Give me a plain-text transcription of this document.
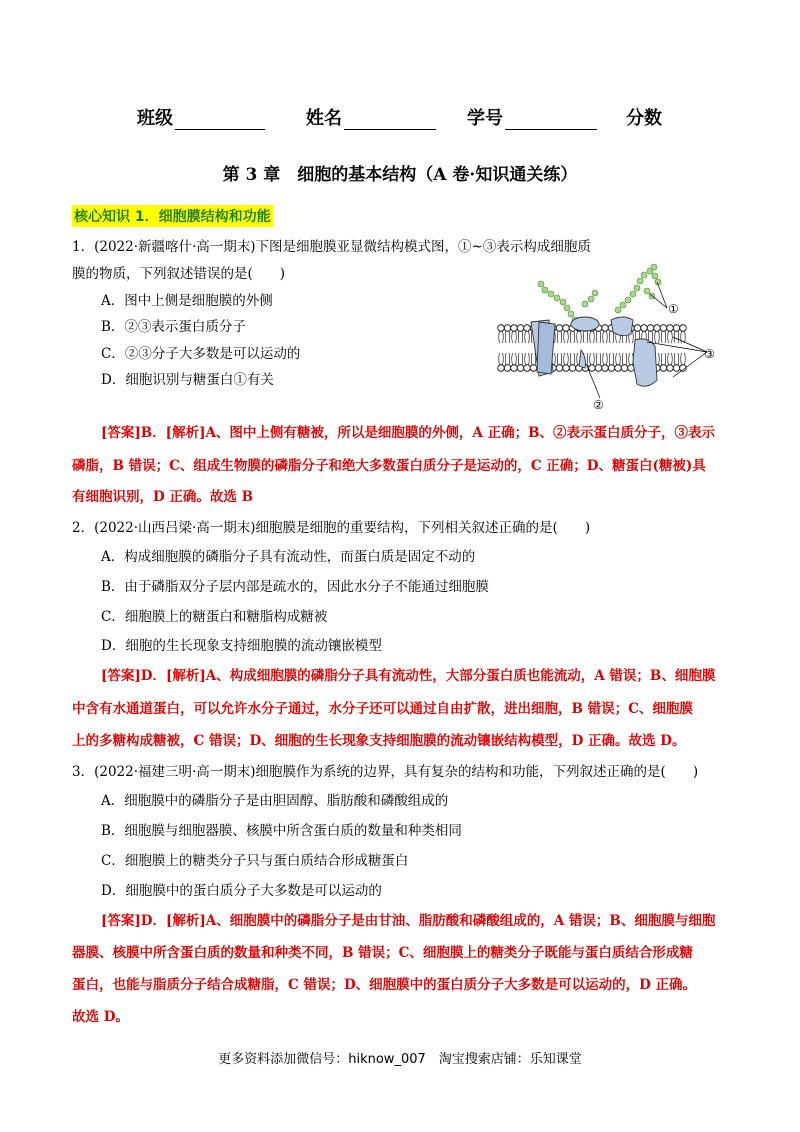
班级	姓名	学号	分数
第 3 章　细胞的基本结构（A 卷·知识通关练）
核心知识 1．细胞膜结构和功能
1．(2022·新疆喀什·高一期末)下图是细胞膜亚显微结构模式图，①~③表示构成细胞质
膜的物质，下列叙述错误的是(　　)
A．图中上侧是细胞膜的外侧
B．②③表示蛋白质分子
C．②③分子大多数是可以运动的
D．细胞识别与糖蛋白①有关
①
③
②
[答案]B．[解析]A、图中上侧有糖被，所以是细胞膜的外侧，A 正确；B、②表示蛋白质分子，③表示
磷脂，B 错误；C、组成生物膜的磷脂分子和绝大多数蛋白质分子是运动的，C 正确；D、糖蛋白(糖被)具
有细胞识别，D 正确。故选 B
2．(2022·山西吕梁·高一期末)细胞膜是细胞的重要结构，下列相关叙述正确的是(　　)
A．构成细胞膜的磷脂分子具有流动性，而蛋白质是固定不动的
B．由于磷脂双分子层内部是疏水的，因此水分子不能通过细胞膜
C．细胞膜上的糖蛋白和糖脂构成糖被
D．细胞的生长现象支持细胞膜的流动镶嵌模型
[答案]D．[解析]A、构成细胞膜的磷脂分子具有流动性，大部分蛋白质也能流动，A 错误；B、细胞膜
中含有水通道蛋白，可以允许水分子通过，水分子还可以通过自由扩散，进出细胞，B 错误；C、细胞膜
上的多糖构成糖被，C 错误；D、细胞的生长现象支持细胞膜的流动镶嵌结构模型，D 正确。故选 D。
3．(2022·福建三明·高一期末)细胞膜作为系统的边界，具有复杂的结构和功能，下列叙述正确的是(　　)
A．细胞膜中的磷脂分子是由胆固醇、脂肪酸和磷酸组成的
B．细胞膜与细胞器膜、核膜中所含蛋白质的数量和种类相同
C．细胞膜上的糖类分子只与蛋白质结合形成糖蛋白
D．细胞膜中的蛋白质分子大多数是可以运动的
[答案]D．[解析]A、细胞膜中的磷脂分子是由甘油、脂肪酸和磷酸组成的，A 错误；B、细胞膜与细胞
器膜、核膜中所含蛋白质的数量和种类不同，B 错误；C、细胞膜上的糖类分子既能与蛋白质结合形成糖
蛋白，也能与脂质分子结合成糖脂，C 错误；D、细胞膜中的蛋白质分子大多数是可以运动的，D 正确。
故选 D。
更多资料添加微信号：hiknow_007　淘宝搜索店铺：乐知课堂
